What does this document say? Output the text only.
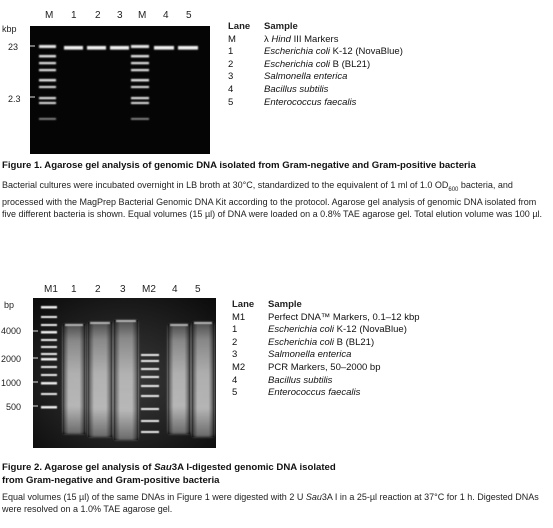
M 1 2 3 M 4 5
kbp
23
2.3
Lane	Sample
M	λ Hind III Markers
1	Escherichia coli K-12 (NovaBlue)
2	Escherichia coli B (BL21)
3	Salmonella enterica
4	Bacillus subtilis
5	Enterococcus faecalis
Figure 1. Agarose gel analysis of genomic DNA isolated from Gram-negative and Gram-positive bacteria
Bacterial cultures were incubated overnight in LB broth at 30°C, standardized to the equivalent of 1 ml of 1.0 $OD_{600}$ bacteria, and processed with the MagPrep Bacterial Genomic DNA Kit according to the protocol. Agarose gel analysis of genomic DNA isolated from five different bacteria is shown. Equal volumes (15 µl) of DNA were loaded on a 0.8% TAE agarose gel. Total elution volume was 100 µl.
M1 1 2 3 M2 4 5
bp
4000
2000
1000
500
Lane	Sample
M1	Perfect DNA™ Markers, 0.1–12 kbp
1	Escherichia coli K-12 (NovaBlue)
2	Escherichia coli B (BL21)
3	Salmonella enterica
M2	PCR Markers, 50–2000 bp
4	Bacillus subtilis
5	Enterococcus faecalis
Figure 2. Agarose gel analysis of Sau3A I-digested genomic DNA isolated
from Gram-negative and Gram-positive bacteria
Equal volumes (15 µl) of the same DNAs in Figure 1 were digested with 2 U Sau3A I in a 25-µl reaction at 37°C for 1 h. Digested DNAs were resolved on a 1.0% TAE agarose gel.
